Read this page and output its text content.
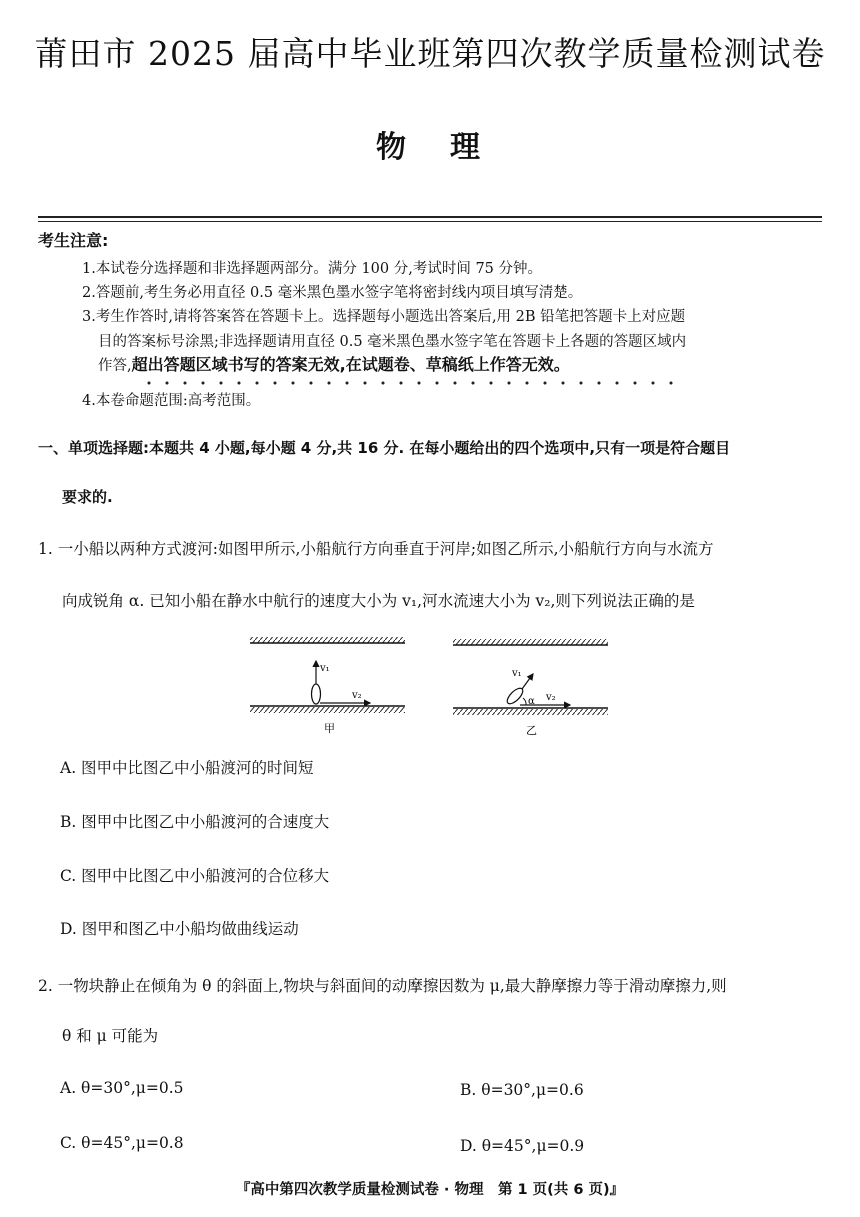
莆田市 2025 届高中毕业班第四次教学质量检测试卷
物理
考生注意:
1.本试卷分选择题和非选择题两部分。满分 100 分,考试时间 75 分钟。
2.答题前,考生务必用直径 0.5 毫米黑色墨水签字笔将密封线内项目填写清楚。
3.考生作答时,请将答案答在答题卡上。选择题每小题选出答案后,用 2B 铅笔把答题卡上对应题
目的答案标号涂黑;非选择题请用直径 0.5 毫米黑色墨水签字笔在答题卡上各题的答题区域内
作答,超出答题区域书写的答案无效,在试题卷、草稿纸上作答无效。
4.本卷命题范围:高考范围。
一、单项选择题:本题共 4 小题,每小题 4 分,共 16 分. 在每小题给出的四个选项中,只有一项是符合题目
要求的.
1. 一小船以两种方式渡河:如图甲所示,小船航行方向垂直于河岸;如图乙所示,小船航行方向与水流方
向成锐角 α. 已知小船在静水中航行的速度大小为 v₁,河水流速大小为 v₂,则下列说法正确的是
v₁
v₂
甲
v₁
α v₂
乙
A. 图甲中比图乙中小船渡河的时间短
B. 图甲中比图乙中小船渡河的合速度大
C. 图甲中比图乙中小船渡河的合位移大
D. 图甲和图乙中小船均做曲线运动
2. 一物块静止在倾角为 θ 的斜面上,物块与斜面间的动摩擦因数为 μ,最大静摩擦力等于滑动摩擦力,则
θ 和 μ 可能为
A. θ=30°,μ=0.5	B. θ=30°,μ=0.6
C. θ=45°,μ=0.8	D. θ=45°,μ=0.9
『高中第四次教学质量检测试卷 · 物理　第 1 页(共 6 页)』
